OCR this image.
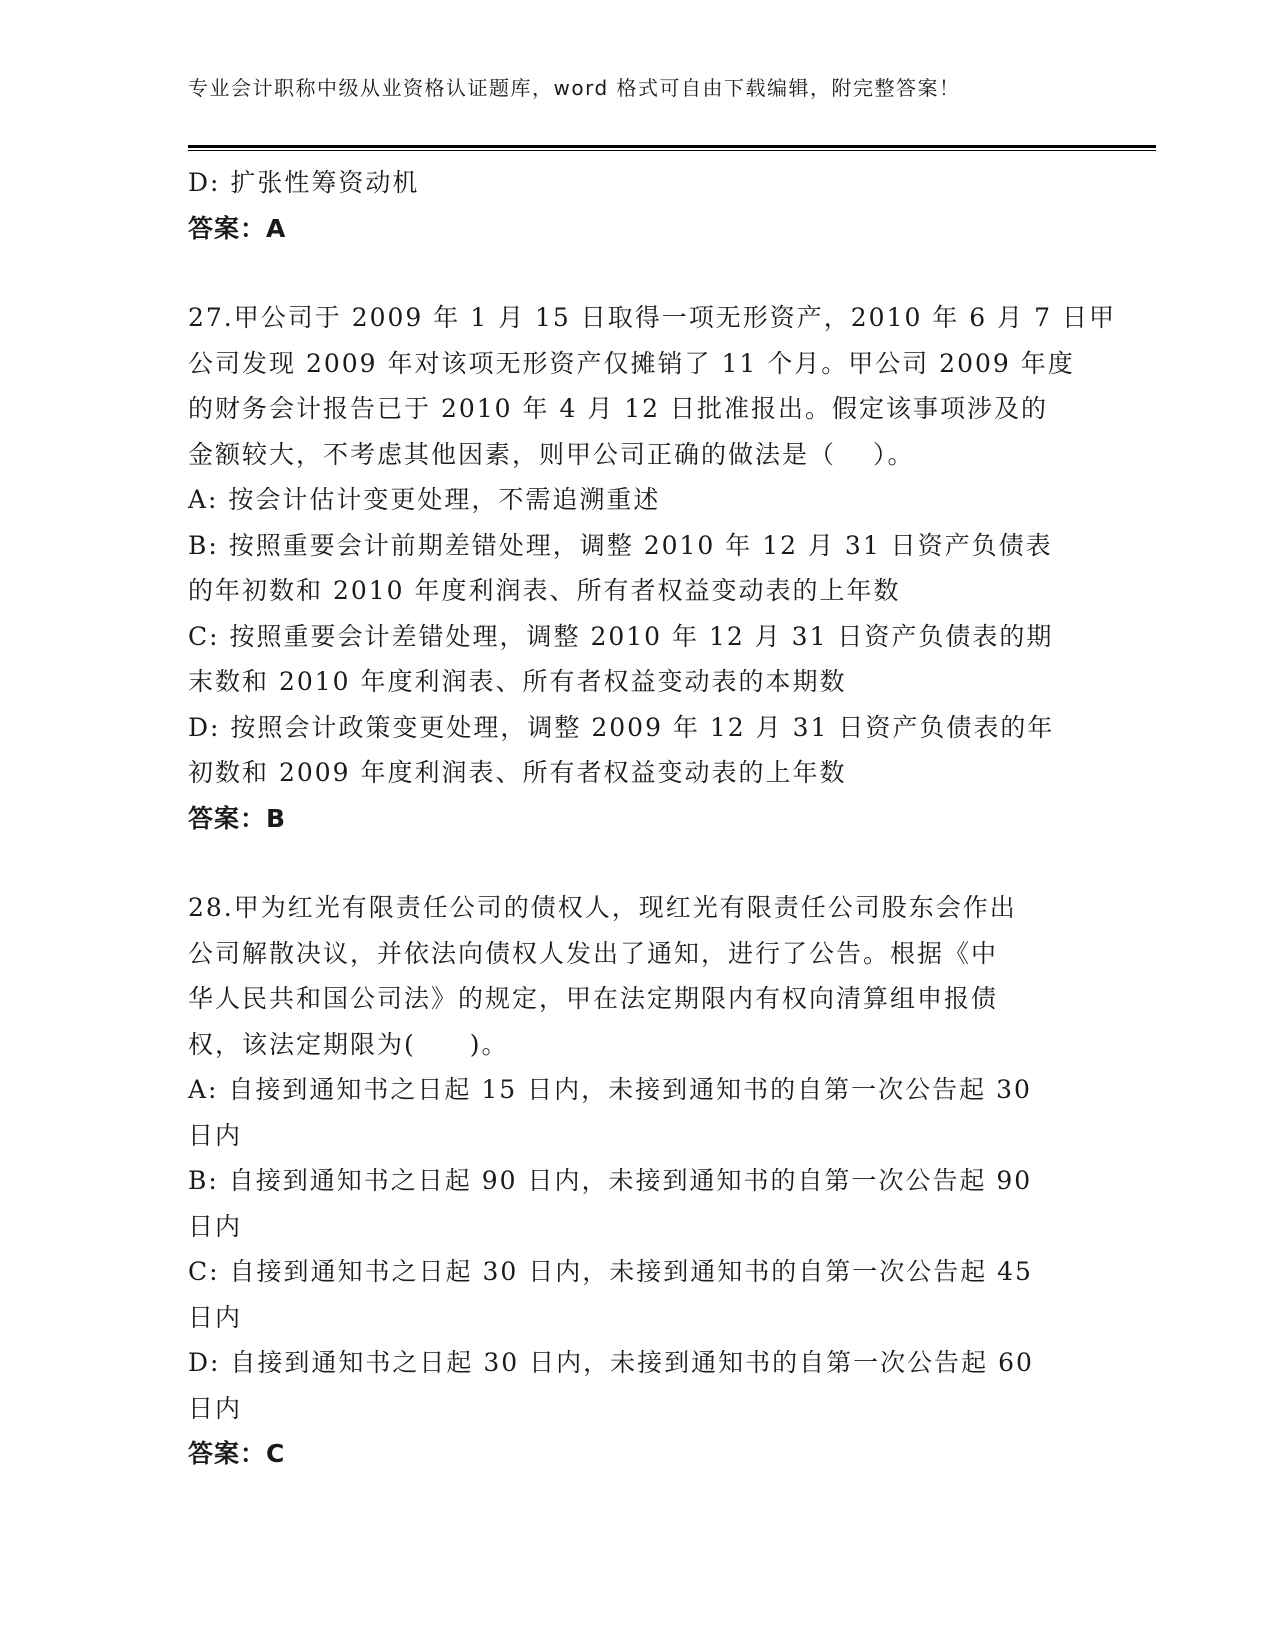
专业会计职称中级从业资格认证题库，word 格式可自由下载编辑，附完整答案！
D: 扩张性筹资动机
答案：A
27.甲公司于 2009 年 1 月 15 日取得一项无形资产，2010 年 6 月 7 日甲
公司发现 2009 年对该项无形资产仅摊销了 11 个月。甲公司 2009 年度
的财务会计报告已于 2010 年 4 月 12 日批准报出。假定该事项涉及的
金额较大，不考虑其他因素，则甲公司正确的做法是（　 ）。
A: 按会计估计变更处理，不需追溯重述
B: 按照重要会计前期差错处理，调整 2010 年 12 月 31 日资产负债表
的年初数和 2010 年度利润表、所有者权益变动表的上年数
C: 按照重要会计差错处理，调整 2010 年 12 月 31 日资产负债表的期
末数和 2010 年度利润表、所有者权益变动表的本期数
D: 按照会计政策变更处理，调整 2009 年 12 月 31 日资产负债表的年
初数和 2009 年度利润表、所有者权益变动表的上年数
答案：B
28.甲为红光有限责任公司的债权人，现红光有限责任公司股东会作出
公司解散决议，并依法向债权人发出了通知，进行了公告。根据《中
华人民共和国公司法》的规定，甲在法定期限内有权向清算组申报债
权，该法定期限为(　　)。
A: 自接到通知书之日起 15 日内，未接到通知书的自第一次公告起 30
日内
B: 自接到通知书之日起 90 日内，未接到通知书的自第一次公告起 90
日内
C: 自接到通知书之日起 30 日内，未接到通知书的自第一次公告起 45
日内
D: 自接到通知书之日起 30 日内，未接到通知书的自第一次公告起 60
日内
答案：C
